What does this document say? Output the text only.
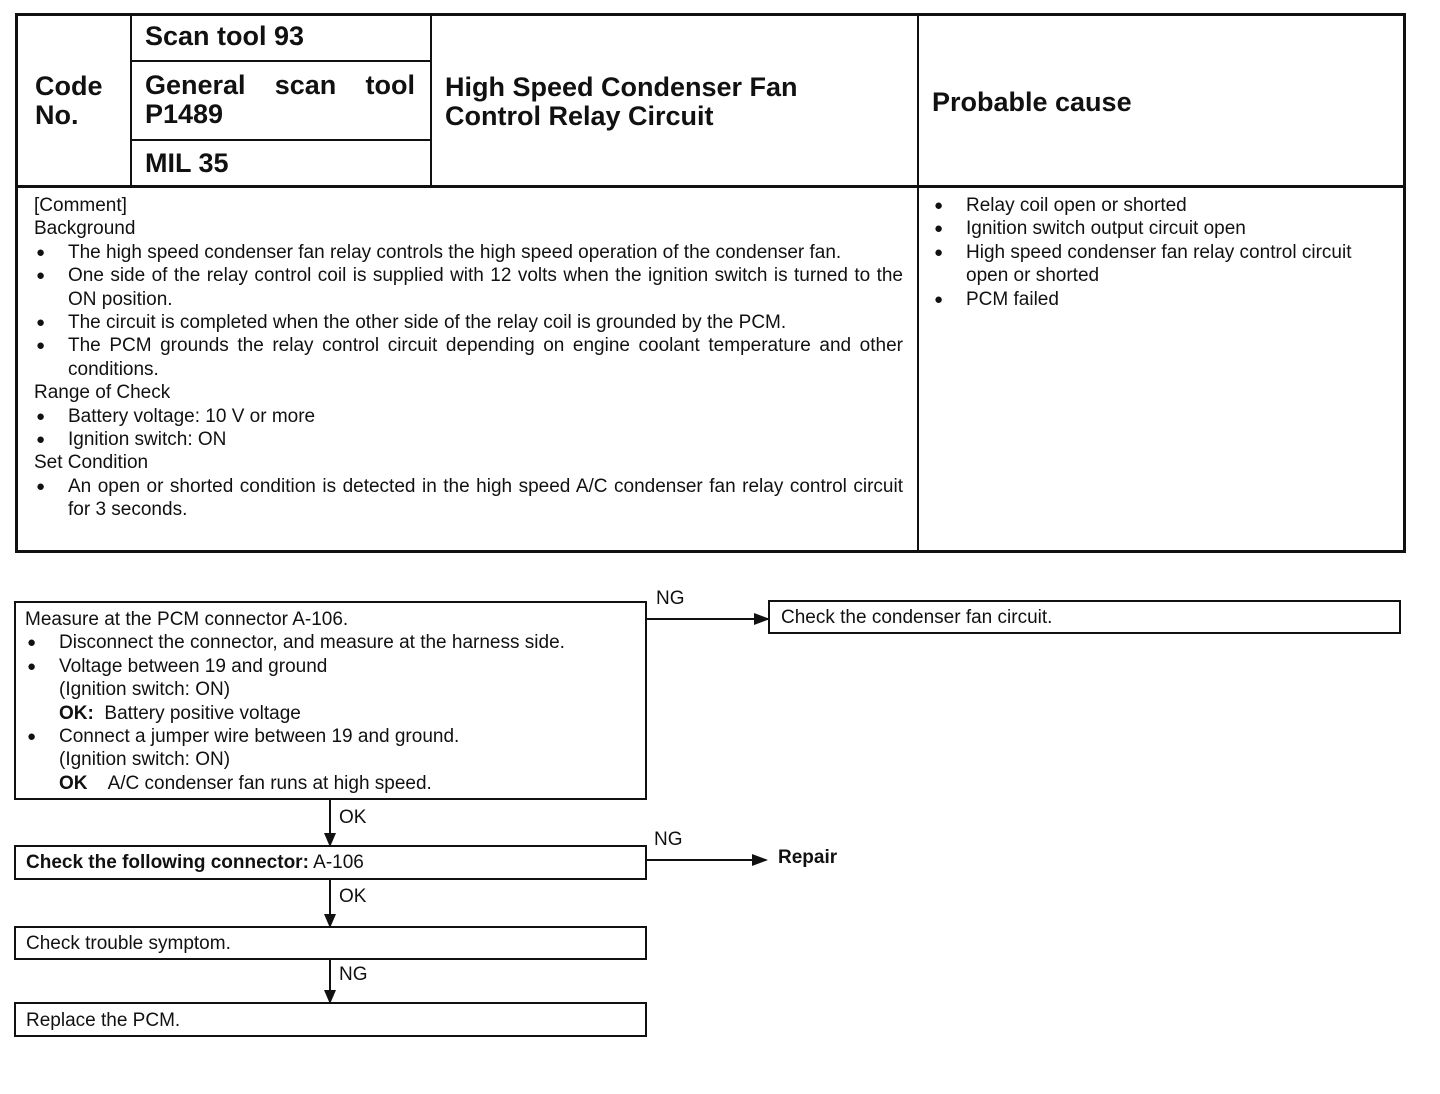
Code No.
Scan tool 93
General scan tool P1489
MIL 35
High Speed Condenser Fan Control Relay Circuit	Probable cause
[Comment]
Background
● The high speed condenser fan relay controls the high speed operation of the condenser fan.
● One side of the relay control coil is supplied with 12 volts when the ignition switch is turned to the ON position.
● The circuit is completed when the other side of the relay coil is grounded by the PCM.
● The PCM grounds the relay control circuit depending on engine coolant temperature and other conditions.
Range of Check
● Battery voltage: 10 V or more
● Ignition switch: ON
Set Condition
● An open or shorted condition is detected in the high speed A/C condenser fan relay control circuit for 3 seconds.
● Relay coil open or shorted
● Ignition switch output circuit open
● High speed condenser fan relay control circuit open or shorted
● PCM failed
Measure at the PCM connector A-106.
● Disconnect the connector, and measure at the harness side.
● Voltage between 19 and ground
(Ignition switch: ON)
OK: Battery positive voltage
● Connect a jumper wire between 19 and ground.
(Ignition switch: ON)
OK A/C condenser fan runs at high speed.
NG
Check the condenser fan circuit.
OK
Check the following connector: A-106
NG
Repair
OK
Check trouble symptom.
NG
Replace the PCM.
